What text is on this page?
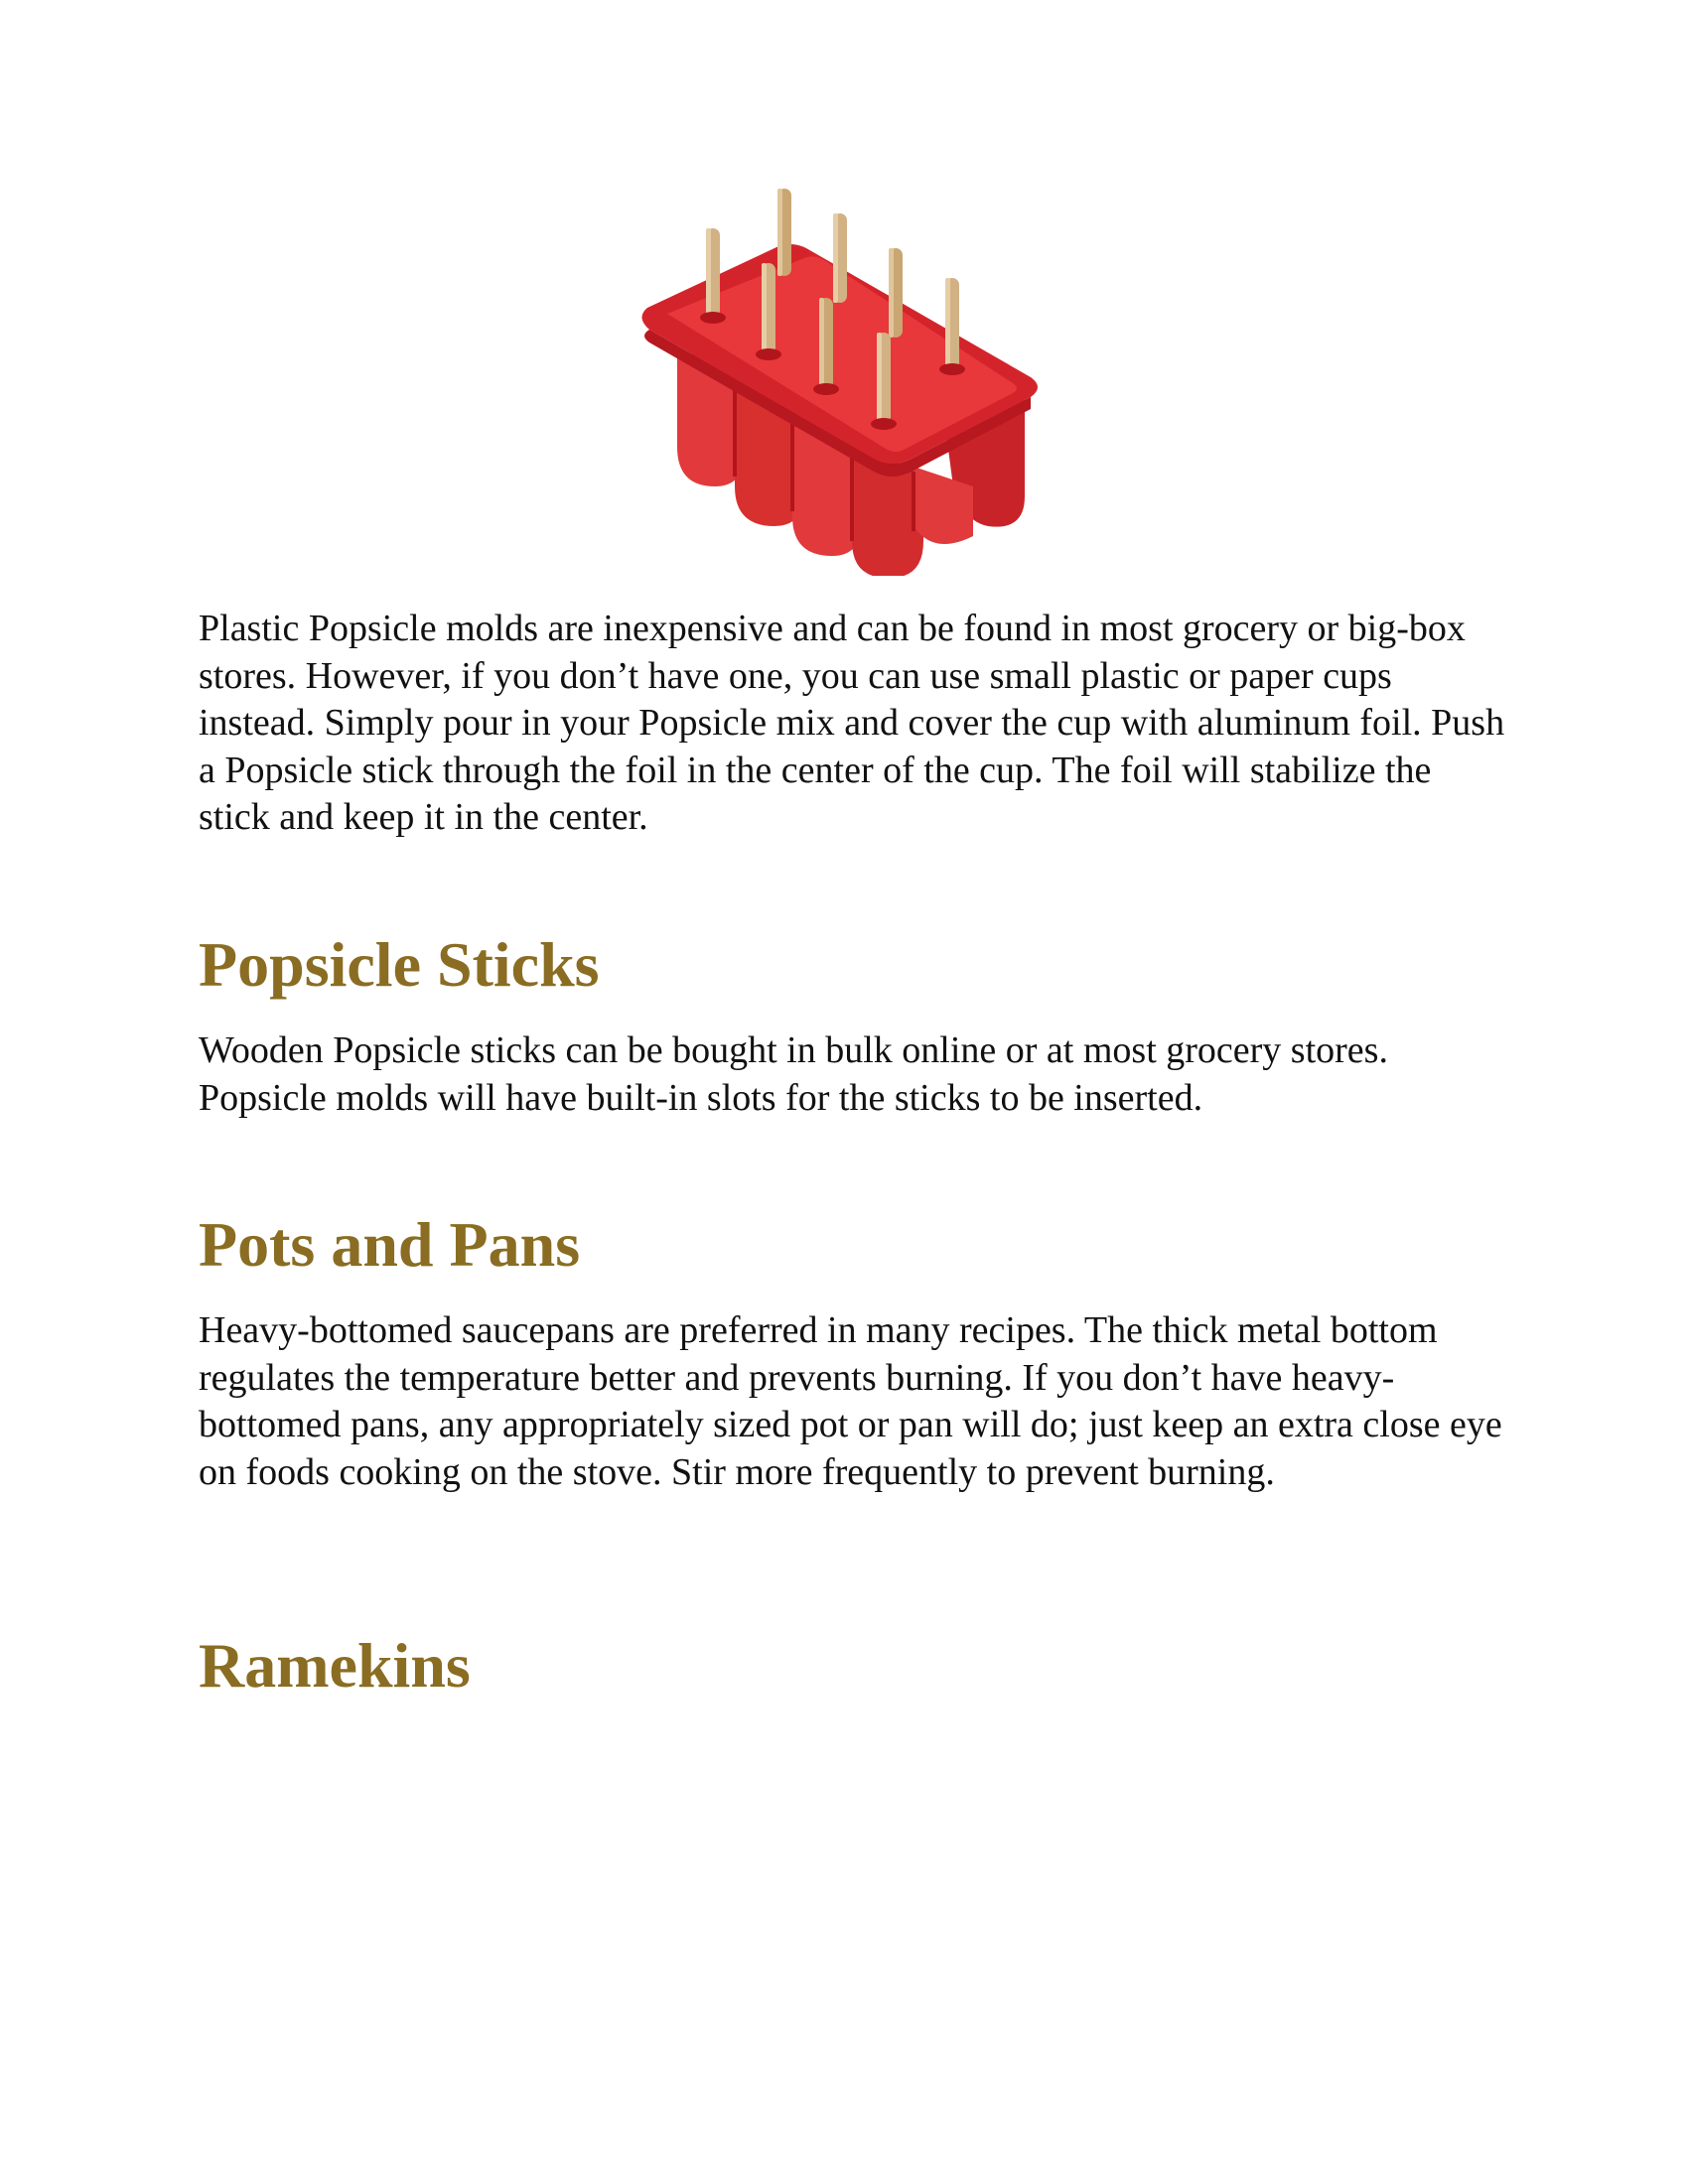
Plastic Popsicle molds are inexpensive and can be found in most grocery or big-box stores. However, if you don’t have one, you can use small plastic or paper cups instead. Simply pour in your Popsicle mix and cover the cup with aluminum foil. Push a Popsicle stick through the foil in the center of the cup. The foil will stabilize the stick and keep it in the center.

Popsicle Sticks

Wooden Popsicle sticks can be bought in bulk online or at most grocery stores. Popsicle molds will have built-in slots for the sticks to be inserted.

Pots and Pans

Heavy-bottomed saucepans are preferred in many recipes. The thick metal bottom regulates the temperature better and prevents burning. If you don’t have heavy-bottomed pans, any appropriately sized pot or pan will do; just keep an extra close eye on foods cooking on the stove. Stir more frequently to prevent burning.

Ramekins
